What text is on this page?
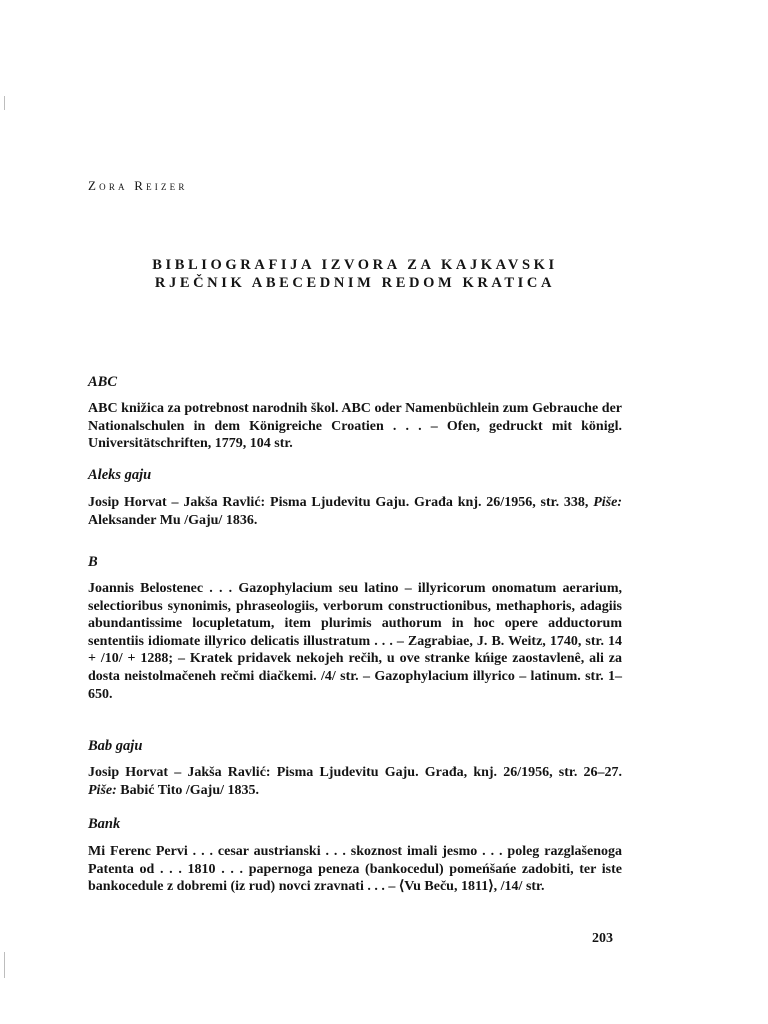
Zora Reizer
BIBLIOGRAFIJA IZVORA ZA KAJKAVSKI
RJEČNIK ABECEDNIM REDOM KRATICA
ABC
ABC knižica za potrebnost narodnih škol. ABC oder Namenbüchlein zum Gebrauche der Nationalschulen in dem Königreiche Croatien . . . – Ofen, gedruckt mit königl. Universitätschriften, 1779, 104 str.
Aleks gaju
Josip Horvat – Jakša Ravlić: Pisma Ljudevitu Gaju. Građa knj. 26/1956, str. 338, Piše: Aleksander Mu /Gaju/ 1836.
B
Joannis Belostenec . . . Gazophylacium seu latino – illyricorum onomatum aerarium, selectioribus synonimis, phraseologiis, verborum constructionibus, methaphoris, adagiis abundantissime locupletatum, item plurimis authorum in hoc opere adductorum sententiis idiomate illyrico delicatis illustratum . . . – Zagrabiae, J. B. Weitz, 1740, str. 14 + /10/ + 1288; – Kratek pridavek nekojeh rečih, u ove stranke kńige zaostavlenê, ali za dosta neistolmačeneh rečmi diačkemi. /4/ str. – Gazophylacium illyrico – latinum. str. 1–650.
Bab gaju
Josip Horvat – Jakša Ravlić: Pisma Ljudevitu Gaju. Građa, knj. 26/1956, str. 26–27. Piše: Babić Tito /Gaju/ 1835.
Bank
Mi Ferenc Pervi . . . cesar austrianski . . . skoznost imali jesmo . . . poleg razglašenoga Patenta od . . . 1810 . . . papernoga peneza (bankocedul) pomeńšańe zadobiti, ter iste bankocedule z dobremi (iz rud) novci zravnati . . . – ⟨Vu Beču, 1811⟩, /14/ str.
203
